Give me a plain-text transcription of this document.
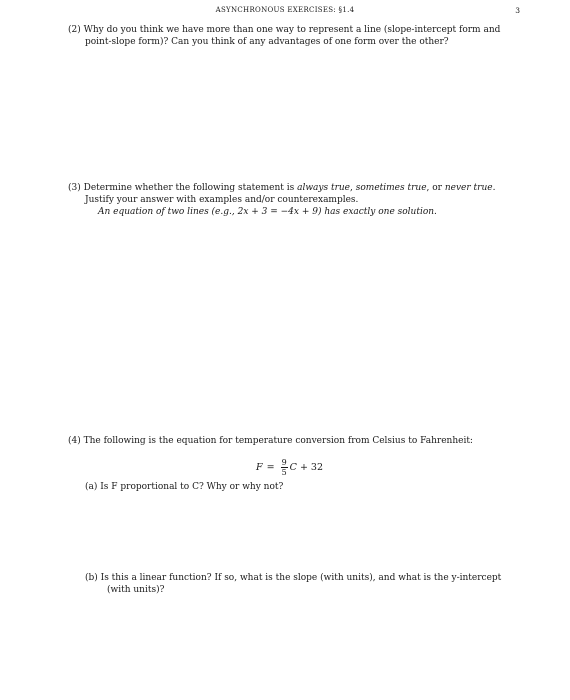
ASYNCHRONOUS EXERCISES: §1.4	3
(2) Why do you think we have more than one way to represent a line (slope-intercept form and
point-slope form)? Can you think of any advantages of one form over the other?
(3) Determine whether the following statement is always true, sometimes true, or never true.
Justify your answer with examples and/or counterexamples.
An equation of two lines (e.g., 2x + 3 = −4x + 9) has exactly one solution.
(4) The following is the equation for temperature conversion from Celsius to Fahrenheit:
$F = \frac{9}{5}$ C + 32
(a) Is F proportional to C? Why or why not?
(b) Is this a linear function? If so, what is the slope (with units), and what is the y-intercept
(with units)?
